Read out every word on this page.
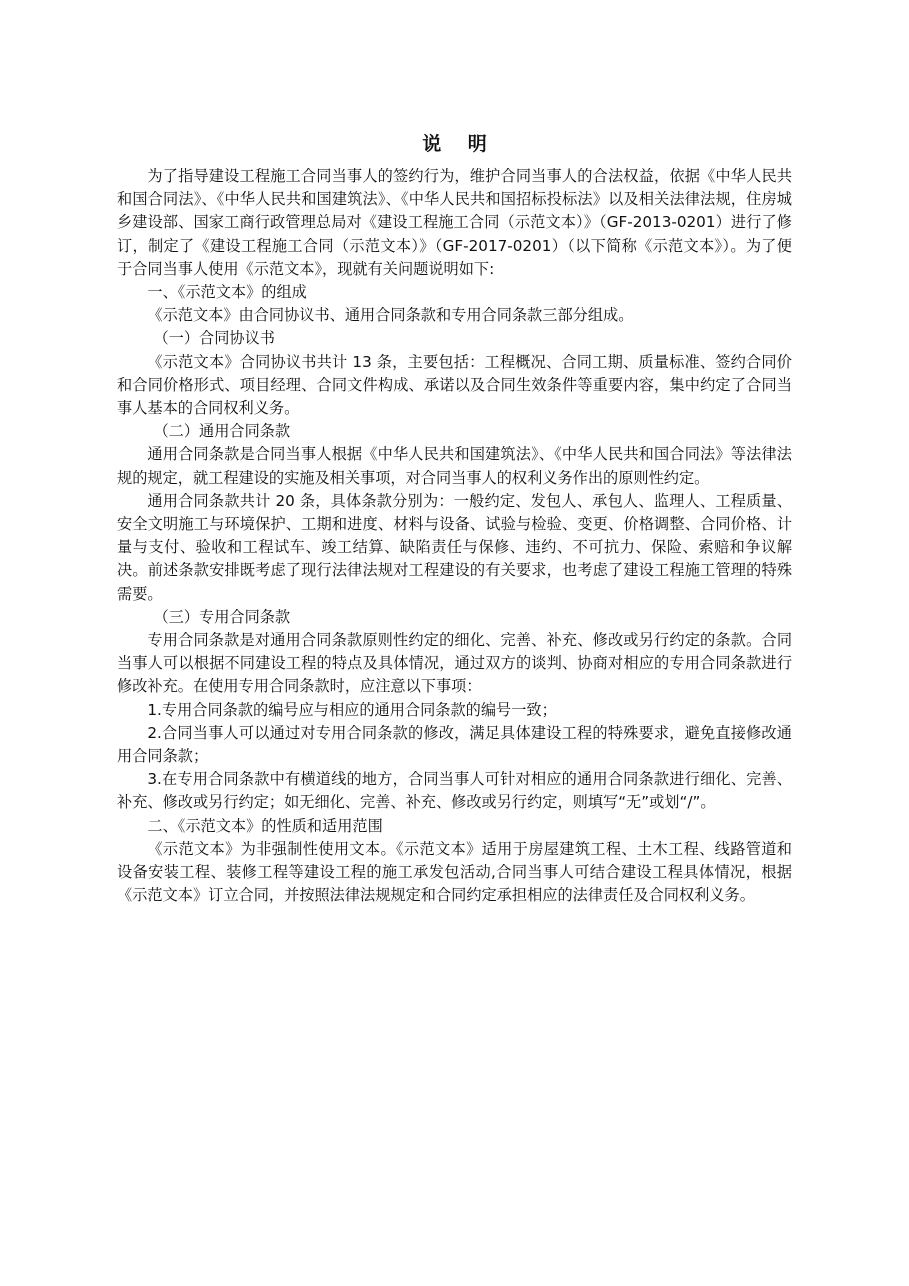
说 明

为了指导建设工程施工合同当事人的签约行为，维护合同当事人的合法权益，依据《中华人民共和国合同法》、《中华人民共和国建筑法》、《中华人民共和国招标投标法》以及相关法律法规，住房城乡建设部、国家工商行政管理总局对《建设工程施工合同（示范文本）》（GF-2013-0201）进行了修订，制定了《建设工程施工合同（示范文本）》（GF-2017-0201）（以下简称《示范文本》）。为了便于合同当事人使用《示范文本》，现就有关问题说明如下:

一、《示范文本》的组成

《示范文本》由合同协议书、通用合同条款和专用合同条款三部分组成。

（一）合同协议书

《示范文本》合同协议书共计 13 条，主要包括：工程概况、合同工期、质量标准、签约合同价和合同价格形式、项目经理、合同文件构成、承诺以及合同生效条件等重要内容，集中约定了合同当事人基本的合同权利义务。

（二）通用合同条款

通用合同条款是合同当事人根据《中华人民共和国建筑法》、《中华人民共和国合同法》等法律法规的规定，就工程建设的实施及相关事项，对合同当事人的权利义务作出的原则性约定。

通用合同条款共计 20 条，具体条款分别为：一般约定、发包人、承包人、监理人、工程质量、安全文明施工与环境保护、工期和进度、材料与设备、试验与检验、变更、价格调整、合同价格、计量与支付、验收和工程试车、竣工结算、缺陷责任与保修、违约、不可抗力、保险、索赔和争议解决。前述条款安排既考虑了现行法律法规对工程建设的有关要求，也考虑了建设工程施工管理的特殊需要。

（三）专用合同条款

专用合同条款是对通用合同条款原则性约定的细化、完善、补充、修改或另行约定的条款。合同当事人可以根据不同建设工程的特点及具体情况，通过双方的谈判、协商对相应的专用合同条款进行修改补充。在使用专用合同条款时，应注意以下事项：

1.专用合同条款的编号应与相应的通用合同条款的编号一致；

2.合同当事人可以通过对专用合同条款的修改，满足具体建设工程的特殊要求，避免直接修改通用合同条款；

3.在专用合同条款中有横道线的地方，合同当事人可针对相应的通用合同条款进行细化、完善、补充、修改或另行约定；如无细化、完善、补充、修改或另行约定，则填写“无”或划“/”。

二、《示范文本》的性质和适用范围

《示范文本》为非强制性使用文本。《示范文本》适用于房屋建筑工程、土木工程、线路管道和设备安装工程、装修工程等建设工程的施工承发包活动,合同当事人可结合建设工程具体情况，根据《示范文本》订立合同，并按照法律法规规定和合同约定承担相应的法律责任及合同权利义务。
